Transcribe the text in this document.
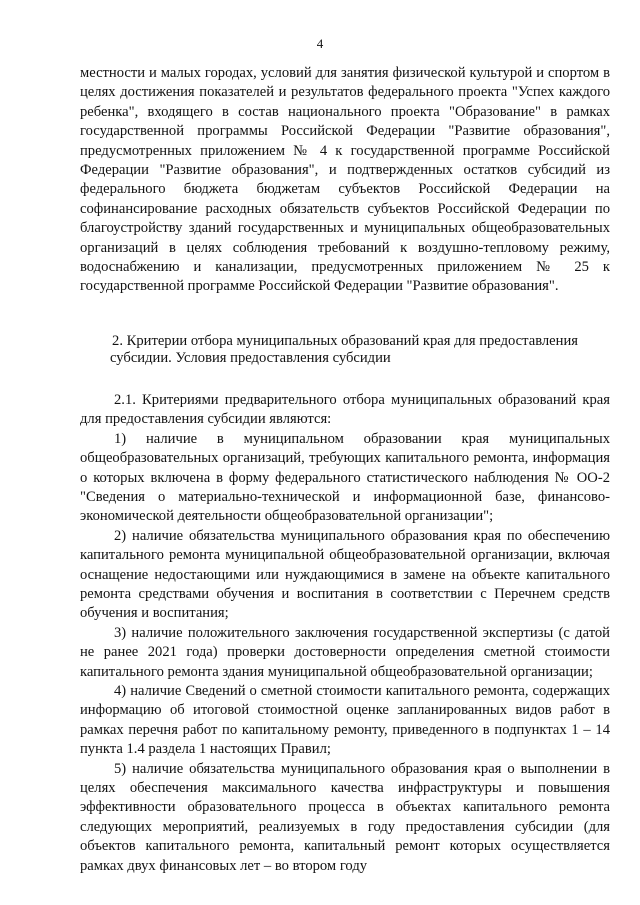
4

местности и малых городах, условий для занятия физической культурой и спортом в целях достижения показателей и результатов федерального проекта "Успех каждого ребенка", входящего в состав национального проекта "Образование" в рамках государственной программы Российской Федерации "Развитие образования", предусмотренных приложением № 4 к государственной программе Российской Федерации "Развитие образования", и подтвержденных остатков субсидий из федерального бюджета бюджетам субъектов Российской Федерации на софинансирование расходных обязательств субъектов Российской Федерации по благоустройству зданий государственных и муниципальных общеобразовательных организаций в целях соблюдения требований к воздушно-тепловому режиму, водоснабжению и канализации, предусмотренных приложением № 25 к государственной программе Российской Федерации "Развитие образования".

2. Критерии отбора муниципальных образований края для предоставления субсидии. Условия предоставления субсидии

2.1. Критериями предварительного отбора муниципальных образований края для предоставления субсидии являются:

1) наличие в муниципальном образовании края муниципальных общеобразовательных организаций, требующих капитального ремонта, информация о которых включена в форму федерального статистического наблюдения № ОО-2 "Сведения о материально-технической и информационной базе, финансово-экономической деятельности общеобразовательной организации";

2) наличие обязательства муниципального образования края по обеспечению капитального ремонта муниципальной общеобразовательной организации, включая оснащение недостающими или нуждающимися в замене на объекте капитального ремонта средствами обучения и воспитания в соответствии с Перечнем средств обучения и воспитания;

3) наличие положительного заключения государственной экспертизы (с датой не ранее 2021 года) проверки достоверности определения сметной стоимости капитального ремонта здания муниципальной общеобразовательной организации;

4) наличие Сведений о сметной стоимости капитального ремонта, содержащих информацию об итоговой стоимостной оценке запланированных видов работ в рамках перечня работ по капитальному ремонту, приведенного в подпунктах 1 – 14 пункта 1.4 раздела 1 настоящих Правил;

5) наличие обязательства муниципального образования края о выполнении в целях обеспечения максимального качества инфраструктуры и повышения эффективности образовательного процесса в объектах капитального ремонта следующих мероприятий, реализуемых в году предоставления субсидии (для объектов капитального ремонта, капитальный ремонт которых осуществляется рамках двух финансовых лет – во втором году
